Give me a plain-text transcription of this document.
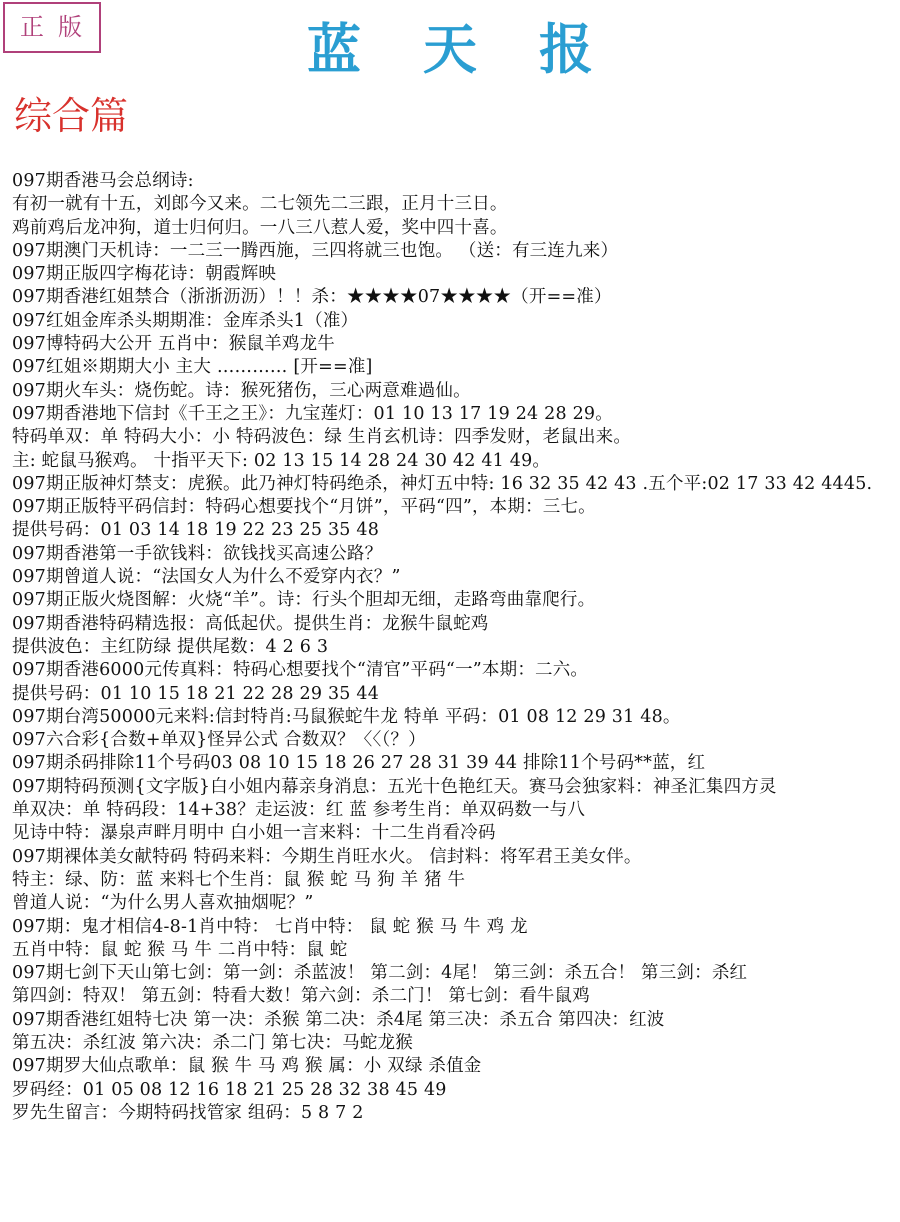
正版	蓝天报
综合篇
097期香港马会总纲诗:
有初一就有十五，刘郎今又来。二七领先二三跟，正月十三日。
鸡前鸡后龙冲狗，道士归何归。一八三八惹人爱，奖中四十喜。
097期澳门天机诗：一二三一腾西施，三四将就三也饱。 （送：有三连九来）
097期正版四字梅花诗：朝霞辉映
097期香港红姐禁合（浙浙沥沥）！！杀：★★★★07★★★★（开==准）
097红姐金库杀头期期准：金库杀头1（准）
097博特码大公开 五肖中：猴鼠羊鸡龙牛
097红姐※期期大小 主大 ………… [开==准]
097期火车头：烧伤蛇。诗：猴死猪伤，三心两意难過仙。
097期香港地下信封《千王之王》：九宝莲灯：01 10 13 17 19 24 28 29。
特码单双：单 特码大小：小 特码波色：绿 生肖玄机诗：四季发财，老鼠出来。
主: 蛇鼠马猴鸡。 十指平天下: 02 13 15 14 28 24 30 42 41 49。
097期正版神灯禁支：虎猴。此乃神灯特码绝杀，神灯五中特: 16 32 35 42 43 .五个平:02 17 33 42 4445.
097期正版特平码信封：特码心想要找个“月饼”，平码“四”，本期：三七。
提供号码：01 03 14 18 19 22 23 25 35 48
097期香港第一手欲钱料：欲钱找买高速公路？
097期曾道人说：“法国女人为什么不爱穿内衣？”
097期正版火烧图解：火烧“羊”。诗：行头个胆却无细，走路弯曲靠爬行。
097期香港特码精选报：高低起伏。提供生肖：龙猴牛鼠蛇鸡
提供波色：主红防绿 提供尾数：4 2 6 3
097期香港6000元传真料：特码心想要找个“清官”平码“一”本期：二六。
提供号码：01 10 15 18 21 22 28 29 35 44
097期台湾50000元来料:信封特肖:马鼠猴蛇牛龙 特单 平码：01 08 12 29 31 48。
097六合彩{合数+单双}怪异公式 合数双？〈〈（？）
097期杀码排除11个号码03 08 10 15 18 26 27 28 31 39 44 排除11个号码**蓝，红
097期特码预测{文字版}白小姐内幕亲身消息：五光十色艳红天。赛马会独家料：神圣汇集四方灵
单双决：单 特码段：14+38？走运波：红 蓝 参考生肖：单双码数一与八
见诗中特：瀑泉声畔月明中 白小姐一言来料：十二生肖看冷码
097期裸体美女献特码 特码来料：今期生肖旺水火。 信封料：将军君王美女伴。
特主：绿、防：蓝 来料七个生肖：鼠 猴 蛇 马 狗 羊 猪 牛
曾道人说：“为什么男人喜欢抽烟呢？”
097期：鬼才相信4-8-1肖中特： 七肖中特： 鼠 蛇 猴 马 牛 鸡 龙
五肖中特：鼠 蛇 猴 马 牛 二肖中特：鼠 蛇
097期七剑下天山第七剑：第一剑：杀蓝波！ 第二剑：4尾！ 第三剑：杀五合！ 第三剑：杀红
第四剑：特双！ 第五剑：特看大数！第六剑：杀二门！ 第七剑：看牛鼠鸡
097期香港红姐特七决 第一决：杀猴 第二决：杀4尾 第三决：杀五合 第四决：红波
第五决：杀红波 第六决：杀二门 第七决：马蛇龙猴
097期罗大仙点歌单：鼠 猴 牛 马 鸡 猴 属：小 双绿 杀值金
罗码经：01 05 08 12 16 18 21 25 28 32 38 45 49
罗先生留言：今期特码找管家 组码：5 8 7 2
